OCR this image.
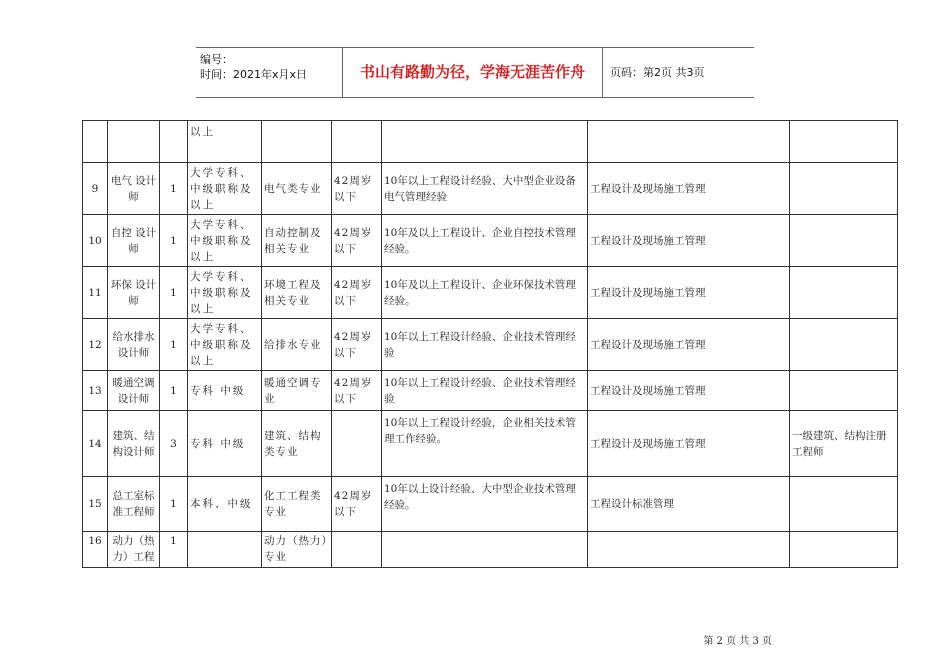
编号：
时间：2021年x月x日	书山有路勤为径，学海无涯苦作舟	页码：第2页 共3页
			以上					
9	电气 设计师	1	大学专科、中级职称及以上	电气类专业	42周岁以下	10年以上工程设计经验、大中型企业设备电气管理经验	工程设计及现场施工管理	
10	自控 设计师	1	大学专科、中级职称及以上	自动控制及相关专业	42周岁以下	10年及以上工程设计、企业自控技术管理经验。	工程设计及现场施工管理	
11	环保 设计师	1	大学专科、中级职称及以上	环境工程及相关专业	42周岁以下	10年及以上工程设计、企业环保技术管理经验。	工程设计及现场施工管理	
12	给水排水设计师	1	大学专科、中级职称及以上	给排水专业	42周岁以下	10年以上工程设计经验、企业技术管理经验	工程设计及现场施工管理	
13	暖通空调设计师	1	专科 中级	暖通空调专业	42周岁以下	10年以上工程设计经验、企业技术管理经验	工程设计及现场施工管理	
14	建筑、结构设计师	3	专科 中级	建筑、结构类专业		10年以上工程设计经验，企业相关技术管理工作经验。	工程设计及现场施工管理	一级建筑、结构注册工程师
15	总工室标准工程师	1	本科、中级	化工工程类专业	42周岁以下	10年以上设计经验、大中型企业技术管理经验。	工程设计标准管理	
16	动力（热力）工程	1		动力（热力）专业				
第 2 页 共 3 页
